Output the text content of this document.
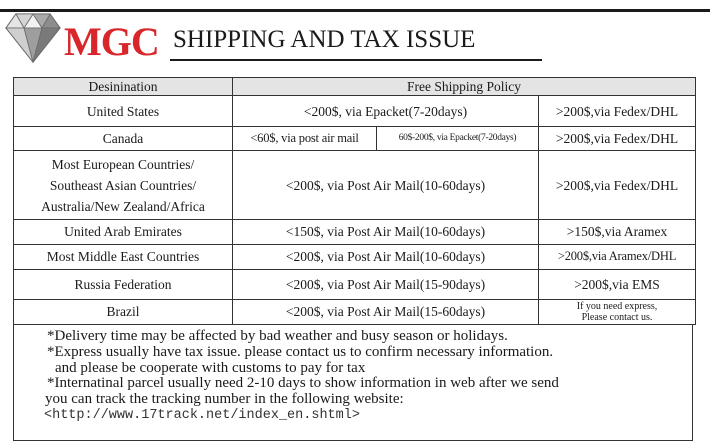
MGC SHIPPING AND TAX ISSUE
Desinination	Free Shipping Policy		
United States	<200$, via Epacket(7-20days)		>200$,via Fedex/DHL
Canada	<60$, via post air mail	60$-200$, via Epacket(7-20days)	>200$,via Fedex/DHL
Most European Countries/
Southeast Asian Countries/
Australia/New Zealand/Africa	<200$, via Post Air Mail(10-60days)		>200$,via Fedex/DHL
United Arab Emirates	<150$, via Post Air Mail(10-60days)		>150$,via Aramex
Most Middle East Countries	<200$, via Post Air Mail(10-60days)		>200$,via Aramex/DHL
Russia Federation	<200$, via Post Air Mail(15-90days)		>200$,via EMS
Brazil	<200$, via Post Air Mail(15-60days)		If you need express,
Please contact us.
*Delivery time may be affected by bad weather and busy season or holidays.
*Express usually have tax issue. please contact us to confirm necessary information.
and please be cooperate with customs to pay for tax
*Internatinal parcel usually need 2-10 days to show information in web after we send
you can track the tracking number in the following website:
<http://www.17track.net/index_en.shtml>
